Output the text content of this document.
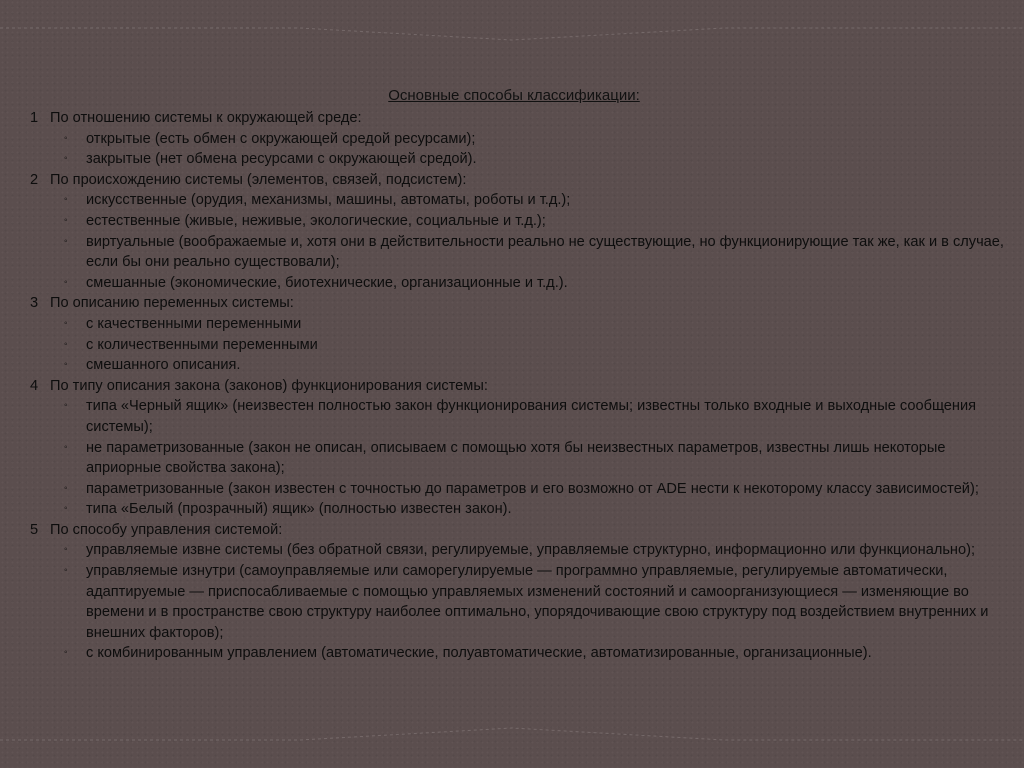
Основные способы классификации:
1 По отношению системы к окружающей среде:
◦ открытые (есть обмен с окружающей средой ресурсами);
◦ закрытые (нет обмена ресурсами с окружающей средой).
2 По происхождению системы (элементов, связей, подсистем):
◦ искусственные (орудия, механизмы, машины, автоматы, роботы и т.д.);
◦ естественные (живые, неживые, экологические, социальные и т.д.);
◦ виртуальные (воображаемые и, хотя они в действительности реально не существующие, но функционирующие так же, как и в случае, если бы они реально существовали);
◦ смешанные (экономические, биотехнические, организационные и т.д.).
3 По описанию переменных системы:
◦ с качественными переменными
◦ с количественными переменными
◦ смешанного описания.
4 По типу описания закона (законов) функционирования системы:
◦ типа «Черный ящик» (неизвестен полностью закон функционирования системы; известны только входные и выходные сообщения системы);
◦ не параметризованные (закон не описан, описываем с помощью хотя бы неизвестных параметров, известны лишь некоторые априорные свойства закона);
◦ параметризованные (закон известен с точностью до параметров и его возможно от ADE нести к некоторому классу зависимостей);
◦ типа «Белый (прозрачный) ящик» (полностью известен закон).
5 По способу управления системой:
◦ управляемые извне системы (без обратной связи, регулируемые, управляемые структурно, информационно или функционально);
◦ управляемые изнутри (самоуправляемые или саморегулируемые — программно управляемые, регулируемые автоматически, адаптируемые — приспосабливаемые с помощью управляемых изменений состояний и самоорганизующиеся — изменяющие во времени и в пространстве свою структуру наиболее оптимально, упорядочивающие свою структуру под воздействием внутренних и внешних факторов);
◦ с комбинированным управлением (автоматические, полуавтоматические, автоматизированные, организационные).
